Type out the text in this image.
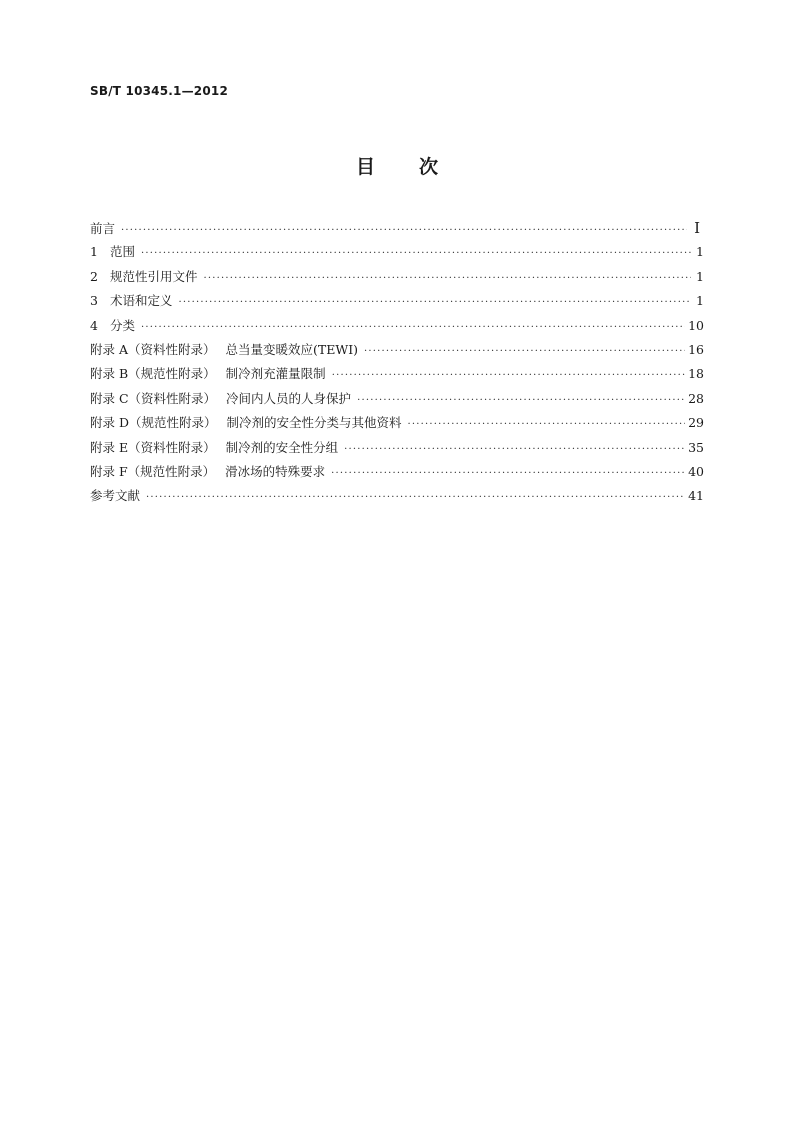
SB/T 10345.1—2012
目 次
前言 ·····	Ⅰ
1 范围 ·····	1
2 规范性引用文件 ·····	1
3 术语和定义 ·····	1
4 分类 ·····	10
附录 A（资料性附录） 总当量变暖效应(TEWI) ·····	16
附录 B（规范性附录） 制冷剂充灌量限制 ·····	18
附录 C（资料性附录） 冷间内人员的人身保护 ·····	28
附录 D（规范性附录） 制冷剂的安全性分类与其他资料 ·····	29
附录 E（资料性附录） 制冷剂的安全性分组 ·····	35
附录 F（规范性附录） 滑冰场的特殊要求 ·····	40
参考文献 ·····	41
